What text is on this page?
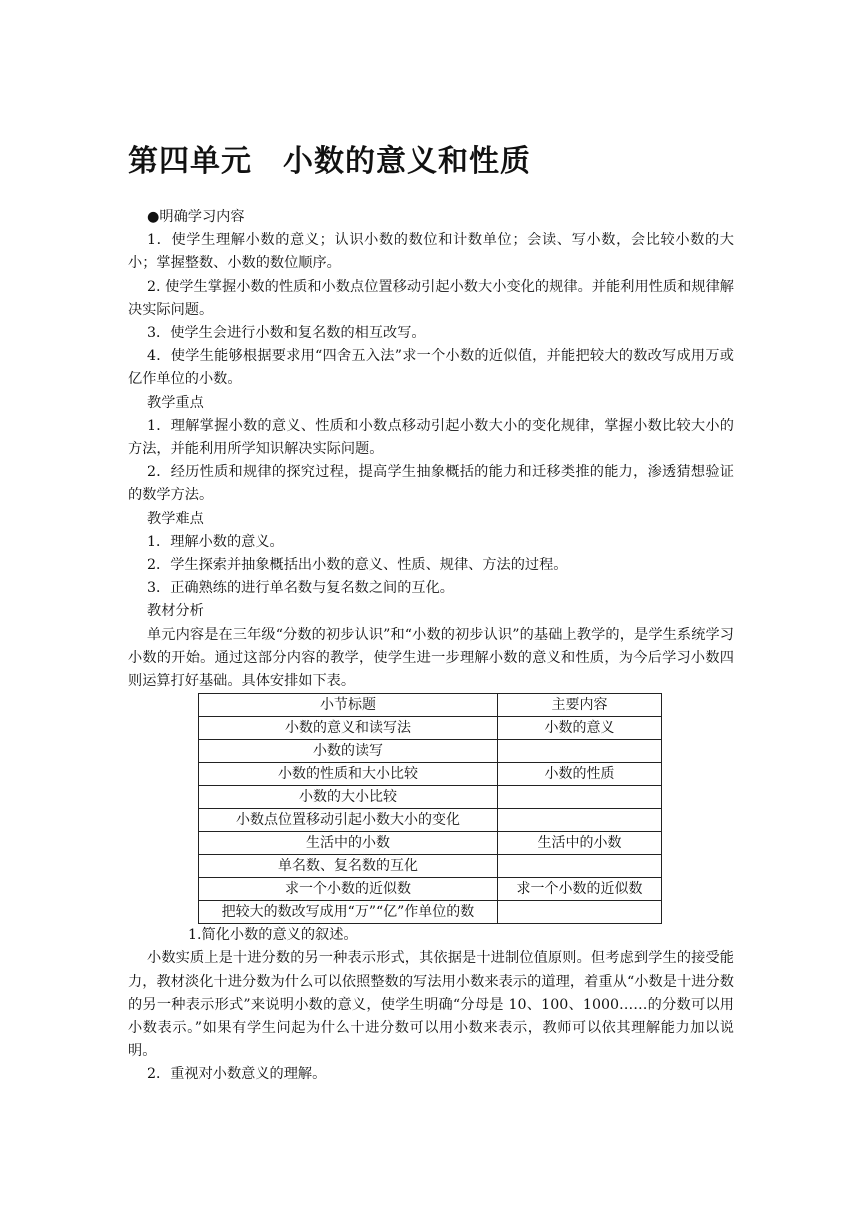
第四单元　小数的意义和性质

●明确学习内容

1．使学生理解小数的意义；认识小数的数位和计数单位；会读、写小数，会比较小数的大小；掌握整数、小数的数位顺序。

2. 使学生掌握小数的性质和小数点位置移动引起小数大小变化的规律。并能利用性质和规律解决实际问题。

3．使学生会进行小数和复名数的相互改写。

4．使学生能够根据要求用“四舍五入法”求一个小数的近似值，并能把较大的数改写成用万或亿作单位的小数。

教学重点

1．理解掌握小数的意义、性质和小数点移动引起小数大小的变化规律，掌握小数比较大小的方法，并能利用所学知识解决实际问题。

2．经历性质和规律的探究过程，提高学生抽象概括的能力和迁移类推的能力，渗透猜想验证的数学方法。

教学难点

1．理解小数的意义。

2．学生探索并抽象概括出小数的意义、性质、规律、方法的过程。

3．正确熟练的进行单名数与复名数之间的互化。

教材分析

单元内容是在三年级“分数的初步认识”和“小数的初步认识”的基础上教学的，是学生系统学习小数的开始。通过这部分内容的教学，使学生进一步理解小数的意义和性质，为今后学习小数四则运算打好基础。具体安排如下表。

小节标题	主要内容
小数的意义和读写法	小数的意义
小数的读写	
小数的性质和大小比较	小数的性质
小数的大小比较	
小数点位置移动引起小数大小的变化	
生活中的小数	生活中的小数
单名数、复名数的互化	
求一个小数的近似数	求一个小数的近似数
把较大的数改写成用“万”“亿”作单位的数	

1.简化小数的意义的叙述。

小数实质上是十进分数的另一种表示形式，其依据是十进制位值原则。但考虑到学生的接受能力，教材淡化十进分数为什么可以依照整数的写法用小数来表示的道理，着重从“小数是十进分数的另一种表示形式”来说明小数的意义，使学生明确“分母是 10、100、1000……的分数可以用小数表示。”如果有学生问起为什么十进分数可以用小数来表示，教师可以依其理解能力加以说明。

2．重视对小数意义的理解。
